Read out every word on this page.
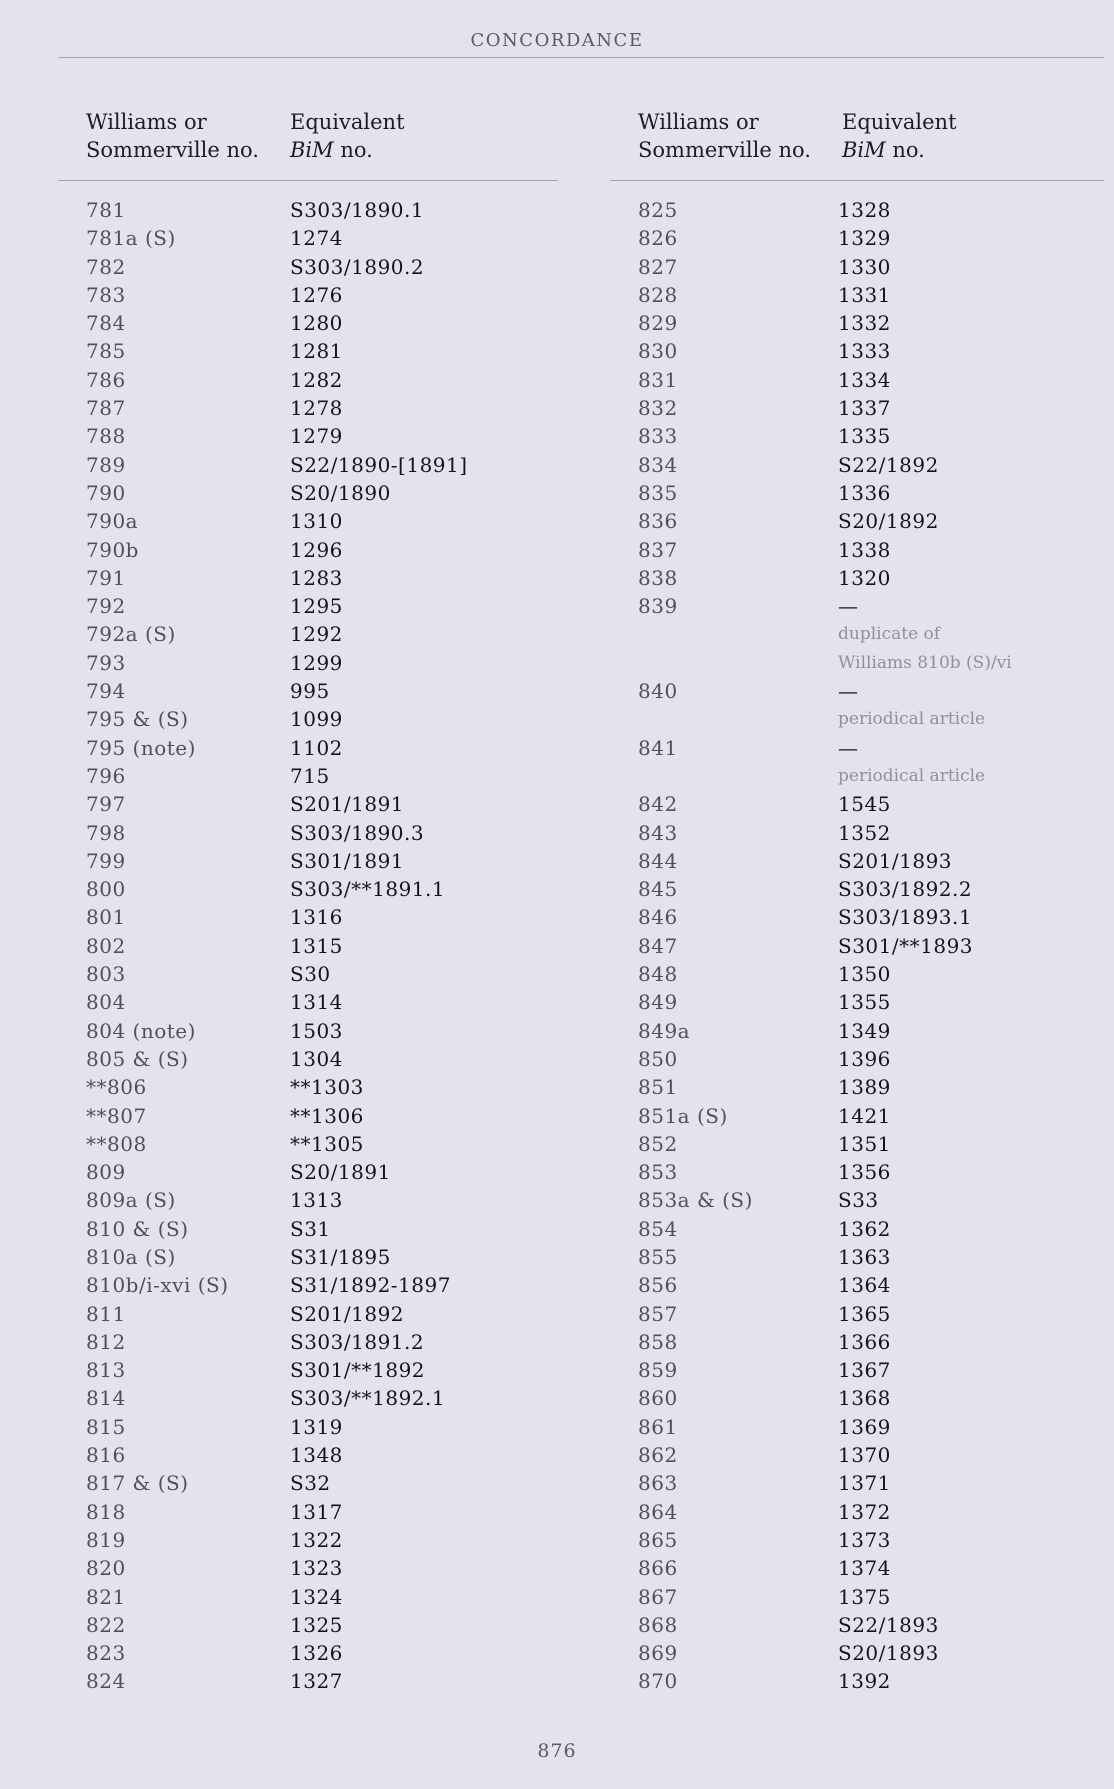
CONCORDANCE
Williams or
Sommerville no.
Equivalent
BiM no.
781	S303/1890.1
781a (S)	1274
782	S303/1890.2
783	1276
784	1280
785	1281
786	1282
787	1278
788	1279
789	S22/1890-[1891]
790	S20/1890
790a	1310
790b	1296
791	1283
792	1295
792a (S)	1292
793	1299
794	995
795 & (S)	1099
795 (note)	1102
796	715
797	S201/1891
798	S303/1890.3
799	S301/1891
800	S303/**1891.1
801	1316
802	1315
803	S30
804	1314
804 (note)	1503
805 & (S)	1304
**806	**1303
**807	**1306
**808	**1305
809	S20/1891
809a (S)	1313
810 & (S)	S31
810a (S)	S31/1895
810b/i-xvi (S)	S31/1892-1897
811	S201/1892
812	S303/1891.2
813	S301/**1892
814	S303/**1892.1
815	1319
816	1348
817 & (S)	S32
818	1317
819	1322
820	1323
821	1324
822	1325
823	1326
824	1327
Williams or
Sommerville no.
Equivalent
BiM no.
825	1328
826	1329
827	1330
828	1331
829	1332
830	1333
831	1334
832	1337
833	1335
834	S22/1892
835	1336
836	S20/1892
837	1338
838	1320
839	—
duplicate of
Williams 810b (S)/vi
840	—
periodical article
841	—
periodical article
842	1545
843	1352
844	S201/1893
845	S303/1892.2
846	S303/1893.1
847	S301/**1893
848	1350
849	1355
849a	1349
850	1396
851	1389
851a (S)	1421
852	1351
853	1356
853a & (S)	S33
854	1362
855	1363
856	1364
857	1365
858	1366
859	1367
860	1368
861	1369
862	1370
863	1371
864	1372
865	1373
866	1374
867	1375
868	S22/1893
869	S20/1893
870	1392
876
